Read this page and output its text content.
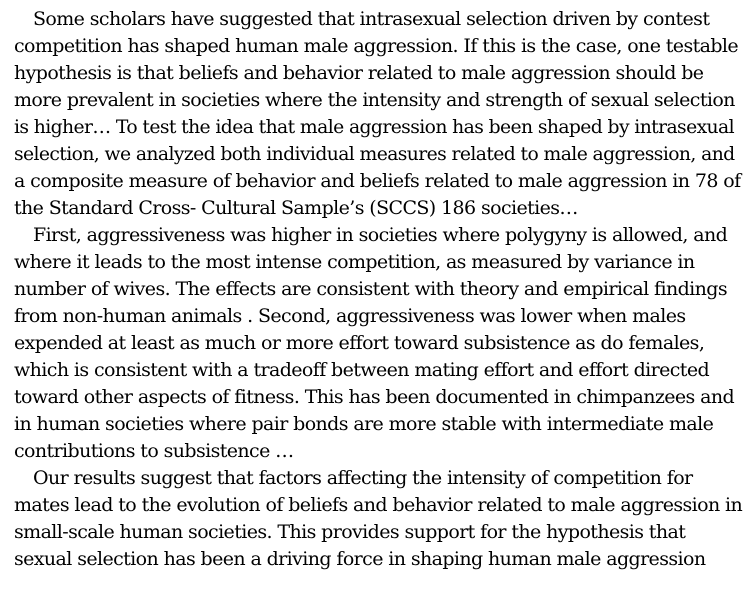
Some scholars have suggested that intrasexual selection driven by contest

competition has shaped human male aggression. If this is the case, one testable

hypothesis is that beliefs and behavior related to male aggression should be

more prevalent in societies where the intensity and strength of sexual selection

is higher… To test the idea that male aggression has been shaped by intrasexual

selection, we analyzed both individual measures related to male aggression, and

a composite measure of behavior and beliefs related to male aggression in 78 of

the Standard Cross- Cultural Sample’s (SCCS) 186 societies…

First, aggressiveness was higher in societies where polygyny is allowed, and

where it leads to the most intense competition, as measured by variance in

number of wives. The effects are consistent with theory and empirical findings

from non-human animals . Second, aggressiveness was lower when males

expended at least as much or more effort toward subsistence as do females,

which is consistent with a tradeoff between mating effort and effort directed

toward other aspects of fitness. This has been documented in chimpanzees and

in human societies where pair bonds are more stable with intermediate male

contributions to subsistence …

Our results suggest that factors affecting the intensity of competition for

mates lead to the evolution of beliefs and behavior related to male aggression in

small-scale human societies. This provides support for the hypothesis that

sexual selection has been a driving force in shaping human male aggression
